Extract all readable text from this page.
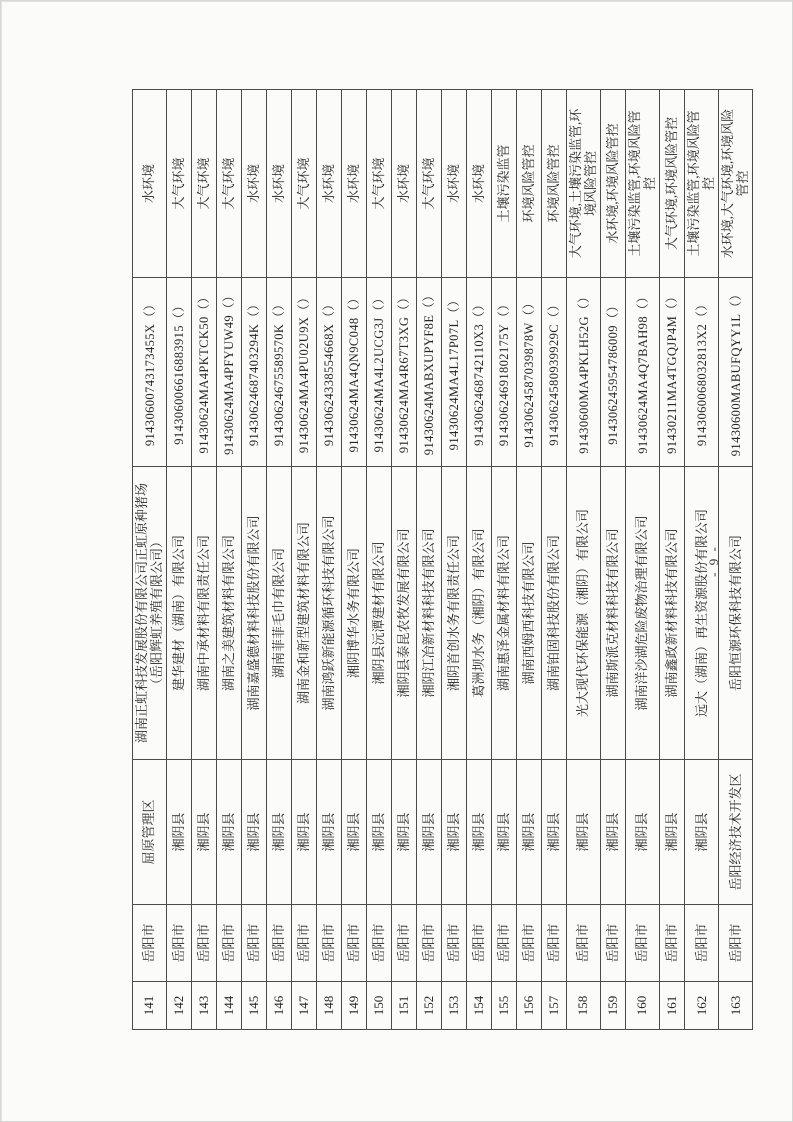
141	岳阳市	屈原管理区	湖南正虹科技发展股份有限公司正虹原种猪场（岳阳辉虹养殖有限公司）	91430600743173455X（）	水环境
142	岳阳市	湘阴县	建华建材（湖南）有限公司	914306006616883915（）	大气环境
143	岳阳市	湘阴县	湖南中承材料有限责任公司	91430624MA4PKTCK50（）	大气环境
144	岳阳市	湘阴县	湖南之美建筑材料有限公司	91430624MA4PFYUW49（）	大气环境
145	岳阳市	湘阴县	湖南嘉盛德材料科技股份有限公司	91430624687403294K（）	水环境
146	岳阳市	湘阴县	湖南菲菲毛巾有限公司	91430624675589570K（）	水环境
147	岳阳市	湘阴县	湖南金和新型建筑材料有限公司	91430624MA4PU02U9X（）	大气环境
148	岳阳市	湘阴县	湖南鸿跃新能源循环科技有限公司	91430624338554668X（）	水环境
149	岳阳市	湘阴县	湘阴博华水务有限公司	91430624MA4QN9C048（）	水环境
150	岳阳市	湘阴县	湘阴县沅潭建材有限公司	91430624MA4L2UCG3J（）	大气环境
151	岳阳市	湘阴县	湘阴县泰昆农牧发展有限公司	91430624MA4R67T3XG（）	水环境
152	岳阳市	湘阴县	湘阴江冶新材料科技有限公司	91430624MABXUPYF8E（）	大气环境
153	岳阳市	湘阴县	湘阴首创水务有限责任公司	91430624MA4L17P07L（）	水环境
154	岳阳市	湘阴县	葛洲坝水务（湘阴）有限公司	9143062468742110X3（）	水环境
155	岳阳市	湘阴县	湖南惠泽金属材料有限公司	91430624691802175Y（）	土壤污染监管
156	岳阳市	湘阴县	湖南西姆西科技有限公司	91430624587039878W（）	环境风险管控
157	岳阳市	湘阴县	湖南铂固科技股份有限公司	91430624580939929C（）	环境风险管控
158	岳阳市	湘阴县	光大现代环保能源（湘阴）有限公司	91430600MA4PKLH52G（）	大气环境,土壤污染监管,环境风险管控
159	岳阳市	湘阴县	湖南斯派克材料科技有限公司	914306245954786009（）	水环境,环境风险管控
160	岳阳市	湘阴县	湖南洋沙湖危险废物治理有限公司	91430624MA4Q7BAH98（）	土壤污染监管,环境风险管控
161	岳阳市	湘阴县	湖南鑫政新材料科技有限公司	91430211MA4TGQJP4M（）	大气环境,环境风险管控
162	岳阳市	湘阴县	远大（湖南）再生资源股份有限公司	9143060068032813X2（）	土壤污染监管,环境风险管控
163	岳阳市	岳阳经济技术开发区	岳阳恒源环保科技有限公司	91430600MABUFQYY1L（）	水环境,大气环境,环境风险管控
- 9 -
